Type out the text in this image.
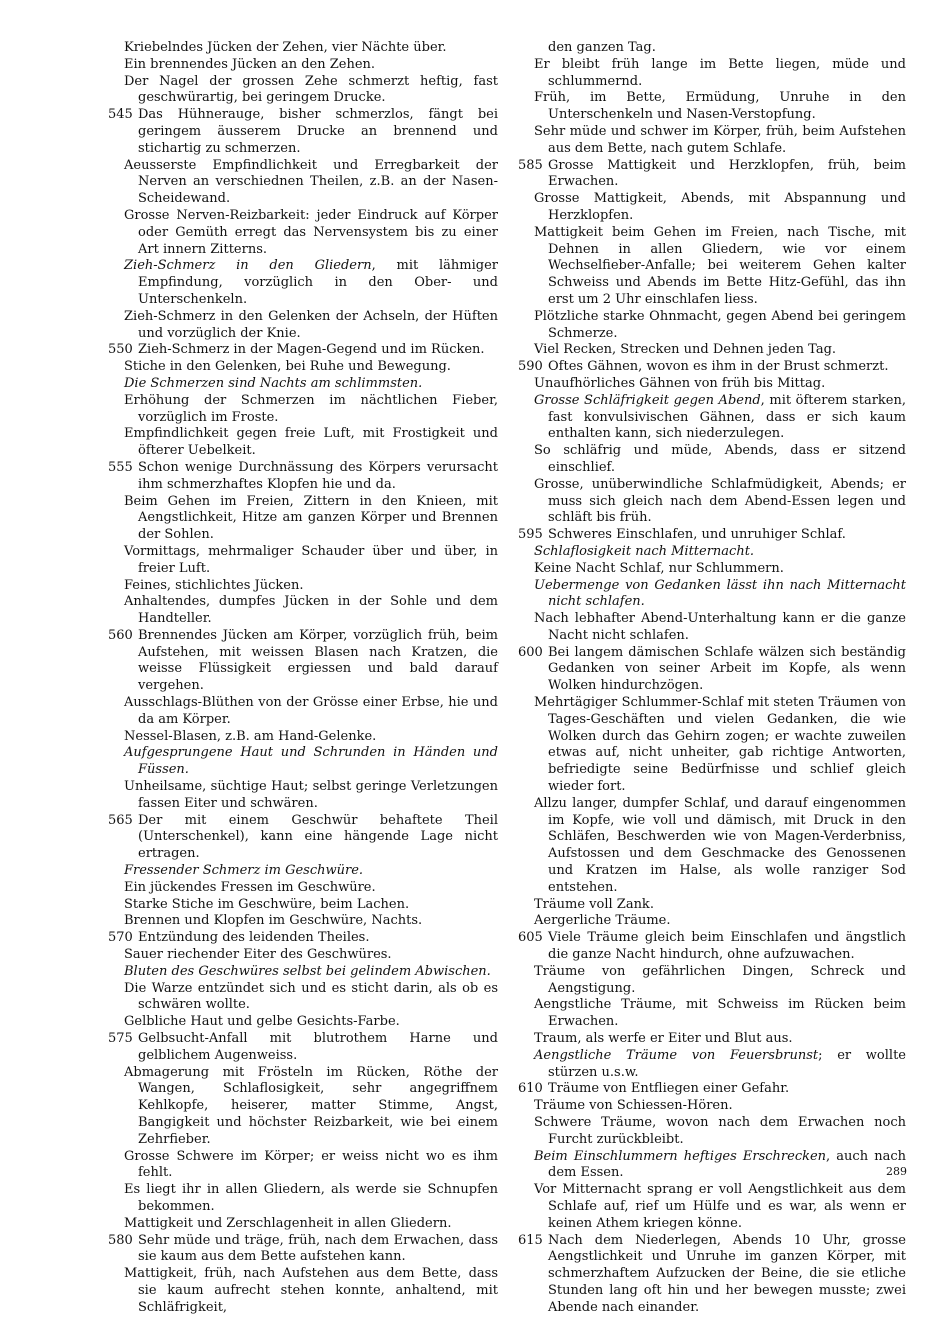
Kriebelndes Jücken der Zehen, vier Nächte über.
Ein brennendes Jücken an den Zehen.
Der Nagel der grossen Zehe schmerzt heftig, fast geschwürartig, bei geringem Drucke.
545 Das Hühnerauge, bisher schmerzlos, fängt bei geringem äusserem Drucke an brennend und stichartig zu schmerzen.
Aeusserste Empfindlichkeit und Erregbarkeit der Nerven an verschiednen Theilen, z.B. an der Nasen-Scheidewand.
Grosse Nerven-Reizbarkeit: jeder Eindruck auf Körper oder Gemüth erregt das Nervensystem bis zu einer Art innern Zitterns.
Zieh-Schmerz in den Gliedern, mit lähmiger Empfindung, vorzüglich in den Ober- und Unterschenkeln.
Zieh-Schmerz in den Gelenken der Achseln, der Hüften und vorzüglich der Knie.
550 Zieh-Schmerz in der Magen-Gegend und im Rücken.
Stiche in den Gelenken, bei Ruhe und Bewegung.
Die Schmerzen sind Nachts am schlimmsten.
Erhöhung der Schmerzen im nächtlichen Fieber, vorzüglich im Froste.
Empfindlichkeit gegen freie Luft, mit Frostigkeit und öfterer Uebelkeit.
555 Schon wenige Durchnässung des Körpers verursacht ihm schmerzhaftes Klopfen hie und da.
Beim Gehen im Freien, Zittern in den Knieen, mit Aengstlichkeit, Hitze am ganzen Körper und Brennen der Sohlen.
Vormittags, mehrmaliger Schauder über und über, in freier Luft.
Feines, stichlichtes Jücken.
Anhaltendes, dumpfes Jücken in der Sohle und dem Handteller.
560 Brennendes Jücken am Körper, vorzüglich früh, beim Aufstehen, mit weissen Blasen nach Kratzen, die weisse Flüssigkeit ergiessen und bald darauf vergehen.
Ausschlags-Blüthen von der Grösse einer Erbse, hie und da am Körper.
Nessel-Blasen, z.B. am Hand-Gelenke.
Aufgesprungene Haut und Schrunden in Händen und Füssen.
Unheilsame, süchtige Haut; selbst geringe Verletzungen fassen Eiter und schwären.
565 Der mit einem Geschwür behaftete Theil (Unterschenkel), kann eine hängende Lage nicht ertragen.
Fressender Schmerz im Geschwüre.
Ein jückendes Fressen im Geschwüre.
Starke Stiche im Geschwüre, beim Lachen.
Brennen und Klopfen im Geschwüre, Nachts.
570 Entzündung des leidenden Theiles.
Sauer riechender Eiter des Geschwüres.
Bluten des Geschwüres selbst bei gelindem Abwischen.
Die Warze entzündet sich und es sticht darin, als ob es schwären wollte.
Gelbliche Haut und gelbe Gesichts-Farbe.
575 Gelbsucht-Anfall mit blutrothem Harne und gelblichem Augenweiss.
Abmagerung mit Frösteln im Rücken, Röthe der Wangen, Schlaflosigkeit, sehr angegriffnem Kehlkopfe, heiserer, matter Stimme, Angst, Bangigkeit und höchster Reizbarkeit, wie bei einem Zehrfieber.
Grosse Schwere im Körper; er weiss nicht wo es ihm fehlt.
Es liegt ihr in allen Gliedern, als werde sie Schnupfen bekommen.
Mattigkeit und Zerschlagenheit in allen Gliedern.
580 Sehr müde und träge, früh, nach dem Erwachen, dass sie kaum aus dem Bette aufstehen kann.
Mattigkeit, früh, nach Aufstehen aus dem Bette, dass sie kaum aufrecht stehen konnte, anhaltend, mit Schläfrigkeit,
den ganzen Tag.
Er bleibt früh lange im Bette liegen, müde und schlummernd.
Früh, im Bette, Ermüdung, Unruhe in den Unterschenkeln und Nasen-Verstopfung.
Sehr müde und schwer im Körper, früh, beim Aufstehen aus dem Bette, nach gutem Schlafe.
585 Grosse Mattigkeit und Herzklopfen, früh, beim Erwachen.
Grosse Mattigkeit, Abends, mit Abspannung und Herzklopfen.
Mattigkeit beim Gehen im Freien, nach Tische, mit Dehnen in allen Gliedern, wie vor einem Wechselfieber-Anfalle; bei weiterem Gehen kalter Schweiss und Abends im Bette Hitz-Gefühl, das ihn erst um 2 Uhr einschlafen liess.
Plötzliche starke Ohnmacht, gegen Abend bei geringem Schmerze.
Viel Recken, Strecken und Dehnen jeden Tag.
590 Oftes Gähnen, wovon es ihm in der Brust schmerzt.
Unaufhörliches Gähnen von früh bis Mittag.
Grosse Schläfrigkeit gegen Abend, mit öfterem starken, fast konvulsivischen Gähnen, dass er sich kaum enthalten kann, sich niederzulegen.
So schläfrig und müde, Abends, dass er sitzend einschlief.
Grosse, unüberwindliche Schlafmüdigkeit, Abends; er muss sich gleich nach dem Abend-Essen legen und schläft bis früh.
595 Schweres Einschlafen, und unruhiger Schlaf.
Schlaflosigkeit nach Mitternacht.
Keine Nacht Schlaf, nur Schlummern.
Uebermenge von Gedanken lässt ihn nach Mitternacht nicht schlafen.
Nach lebhafter Abend-Unterhaltung kann er die ganze Nacht nicht schlafen.
600 Bei langem dämischen Schlafe wälzen sich beständig Gedanken von seiner Arbeit im Kopfe, als wenn Wolken hindurchzögen.
Mehrtägiger Schlummer-Schlaf mit steten Träumen von Tages-Geschäften und vielen Gedanken, die wie Wolken durch das Gehirn zogen; er wachte zuweilen etwas auf, nicht unheiter, gab richtige Antworten, befriedigte seine Bedürfnisse und schlief gleich wieder fort.
Allzu langer, dumpfer Schlaf, und darauf eingenommen im Kopfe, wie voll und dämisch, mit Druck in den Schläfen, Beschwerden wie von Magen-Verderbniss, Aufstossen und dem Geschmacke des Genossenen und Kratzen im Halse, als wolle ranziger Sod entstehen.
Träume voll Zank.
Aergerliche Träume.
605 Viele Träume gleich beim Einschlafen und ängstlich die ganze Nacht hindurch, ohne aufzuwachen.
Träume von gefährlichen Dingen, Schreck und Aengstigung.
Aengstliche Träume, mit Schweiss im Rücken beim Erwachen.
Traum, als werfe er Eiter und Blut aus.
Aengstliche Träume von Feuersbrunst; er wollte stürzen u.s.w.
610 Träume von Entfliegen einer Gefahr.
Träume von Schiessen-Hören.
Schwere Träume, wovon nach dem Erwachen noch Furcht zurückbleibt.
Beim Einschlummern heftiges Erschrecken, auch nach dem Essen.
Vor Mitternacht sprang er voll Aengstlichkeit aus dem Schlafe auf, rief um Hülfe und es war, als wenn er keinen Athem kriegen könne.
615 Nach dem Niederlegen, Abends 10 Uhr, grosse Aengstlichkeit und Unruhe im ganzen Körper, mit schmerzhaftem Aufzucken der Beine, die sie etliche Stunden lang oft hin und her bewegen musste; zwei Abende nach einander.
289
